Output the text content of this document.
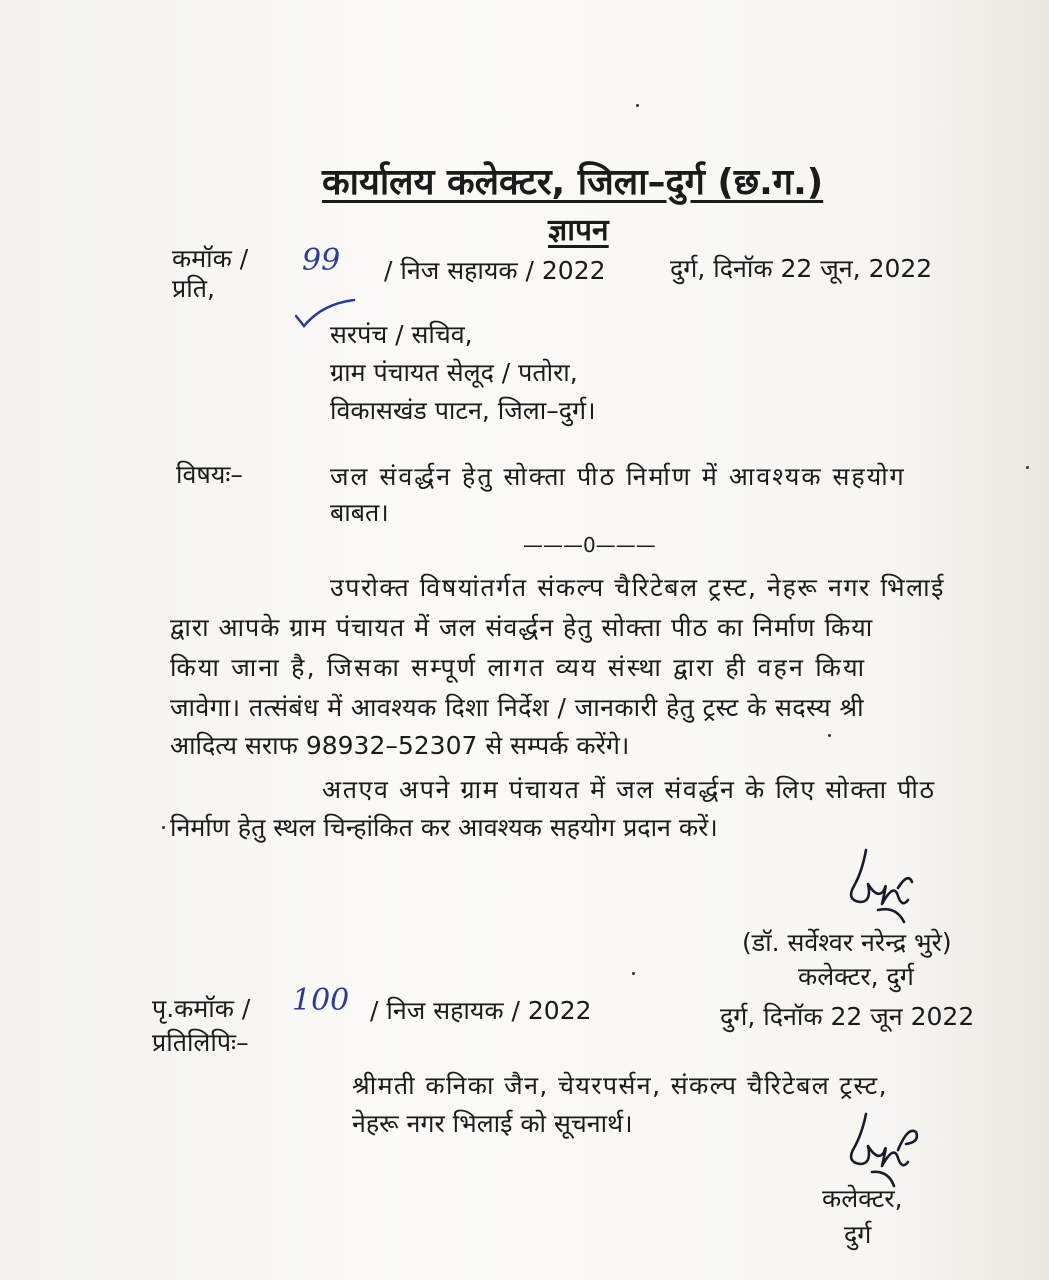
कार्यालय कलेक्टर, जिला–दुर्ग (छ.ग.)
ज्ञापन
कमॉक / 99 / निज सहायक / 2022	दुर्ग, दिनॉक 22 जून, 2022
प्रति,
सरपंच / सचिव,
ग्राम पंचायत सेलूद / पतोरा,
विकासखंड पाटन, जिला–दुर्ग।
विषयः–	जल संवर्द्धन हेतु सोक्ता पीठ निर्माण में आवश्यक सहयोग
बाबत।
———0———
उपरोक्त विषयांतर्गत संकल्प चैरिटेबल ट्रस्ट, नेहरू नगर भिलाई
द्वारा आपके ग्राम पंचायत में जल संवर्द्धन हेतु सोक्ता पीठ का निर्माण किया
किया जाना है, जिसका सम्पूर्ण लागत व्यय संस्था द्वारा ही वहन किया
जावेगा। तत्संबंध में आवश्यक दिशा निर्देश / जानकारी हेतु ट्रस्ट के सदस्य श्री
आदित्य सराफ 98932–52307 से सम्पर्क करेंगे।
अतएव अपने ग्राम पंचायत में जल संवर्द्धन के लिए सोक्ता पीठ
निर्माण हेतु स्थल चिन्हांकित कर आवश्यक सहयोग प्रदान करें।
(डॉ. सर्वेश्वर नरेन्द्र भुरे)
कलेक्टर, दुर्ग
पृ.कमॉक / 100 / निज सहायक / 2022	दुर्ग, दिनॉक 22 जून 2022
प्रतिलिपिः–
श्रीमती कनिका जैन, चेयरपर्सन, संकल्प चैरिटेबल ट्रस्ट,
नेहरू नगर भिलाई को सूचनार्थ।
कलेक्टर,
दुर्ग
